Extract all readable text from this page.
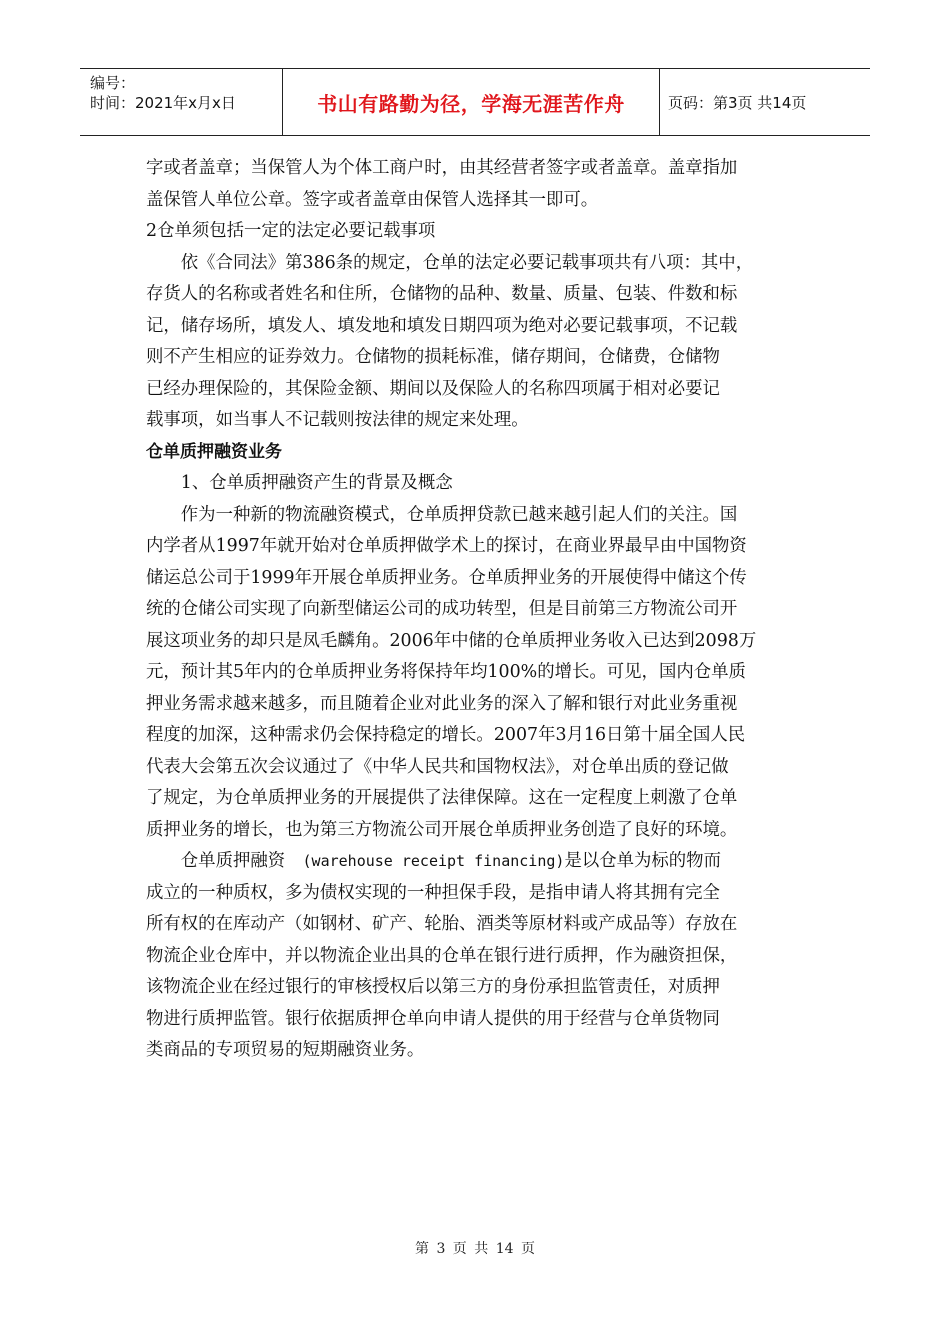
编号：
时间：2021年x月x日	书山有路勤为径，学海无涯苦作舟	页码：第3页 共14页
字或者盖章；当保管人为个体工商户时，由其经营者签字或者盖章。盖章指加
盖保管人单位公章。签字或者盖章由保管人选择其一即可。
2仓单须包括一定的法定必要记载事项
　　依《合同法》第386条的规定，仓单的法定必要记载事项共有八项：其中，
存货人的名称或者姓名和住所，仓储物的品种、数量、质量、包装、件数和标
记，储存场所，填发人、填发地和填发日期四项为绝对必要记载事项，不记载
则不产生相应的证券效力。仓储物的损耗标准，储存期间，仓储费，仓储物
已经办理保险的，其保险金额、期间以及保险人的名称四项属于相对必要记
载事项，如当事人不记载则按法律的规定来处理。
仓单质押融资业务
　　1、仓单质押融资产生的背景及概念
　　作为一种新的物流融资模式，仓单质押贷款已越来越引起人们的关注。国
内学者从1997年就开始对仓单质押做学术上的探讨，在商业界最早由中国物资
储运总公司于1999年开展仓单质押业务。仓单质押业务的开展使得中储这个传
统的仓储公司实现了向新型储运公司的成功转型，但是目前第三方物流公司开
展这项业务的却只是凤毛麟角。2006年中储的仓单质押业务收入已达到2098万
元，预计其5年内的仓单质押业务将保持年均100%的增长。可见，国内仓单质
押业务需求越来越多，而且随着企业对此业务的深入了解和银行对此业务重视
程度的加深，这种需求仍会保持稳定的增长。2007年3月16日第十届全国人民
代表大会第五次会议通过了《中华人民共和国物权法》，对仓单出质的登记做
了规定，为仓单质押业务的开展提供了法律保障。这在一定程度上刺激了仓单
质押业务的增长，也为第三方物流公司开展仓单质押业务创造了良好的环境。
　　仓单质押融资　(warehouse receipt financing)是以仓单为标的物而
成立的一种质权，多为债权实现的一种担保手段，是指申请人将其拥有完全
所有权的在库动产（如钢材、矿产、轮胎、酒类等原材料或产成品等）存放在
物流企业仓库中，并以物流企业出具的仓单在银行进行质押，作为融资担保，
该物流企业在经过银行的审核授权后以第三方的身份承担监管责任，对质押
物进行质押监管。银行依据质押仓单向申请人提供的用于经营与仓单货物同
类商品的专项贸易的短期融资业务。
第 3 页 共 14 页
